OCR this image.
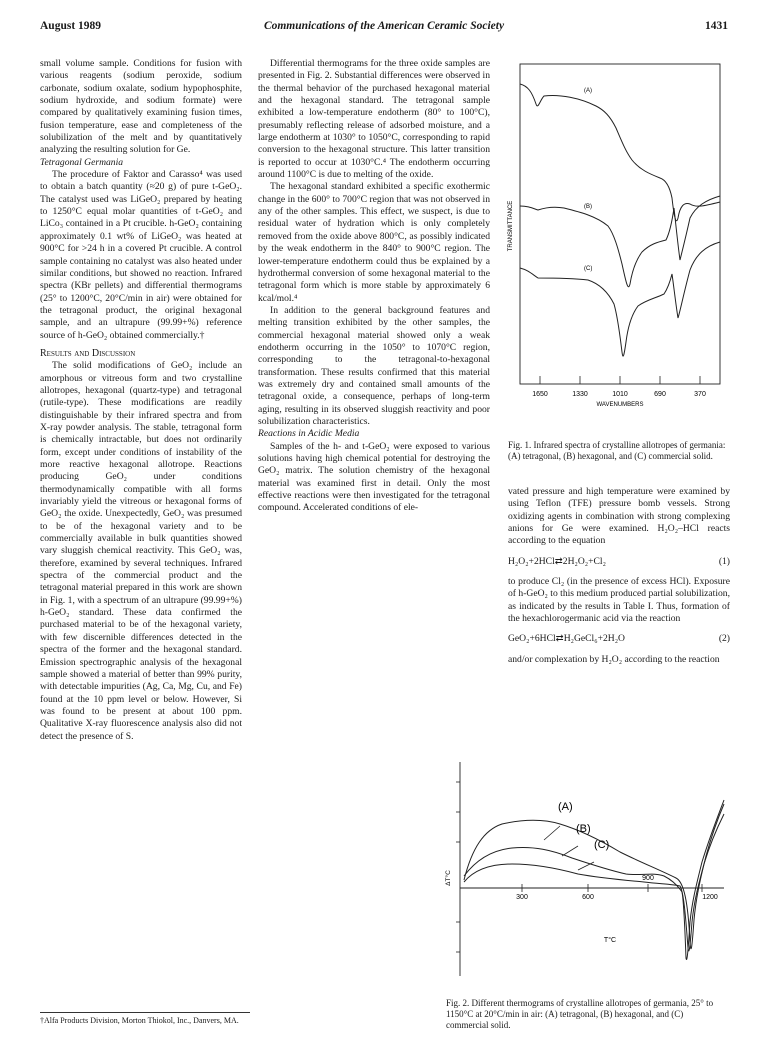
August 1989	Communications of the American Ceramic Society	1431

small volume sample. Conditions for fusion with various reagents (sodium peroxide, sodium carbonate, sodium oxalate, sodium hypophosphite, sodium hydroxide, and sodium formate) were compared by qualitatively examining fusion times, fusion temperature, ease and completeness of the solubilization of the melt and by quantitatively analyzing the resulting solution for Ge.

Tetragonal Germania

The procedure of Faktor and Carasso⁴ was used to obtain a batch quantity (≈20 g) of pure t-GeO₂. The catalyst used was LiGeO₂ prepared by heating to 1250°C equal molar quantities of t-GeO₂ and LiCo₃ contained in a Pt crucible. h-GeO₂ containing approximately 0.1 wt% of LiGeO₂ was heated at 900°C for >24 h in a covered Pt crucible. A control sample containing no catalyst was also heated under similar conditions, but showed no reaction. Infrared spectra (KBr pellets) and differential thermograms (25° to 1200°C, 20°C/min in air) were obtained for the tetragonal product, the original hexagonal sample, and an ultrapure (99.99+%) reference source of h-GeO₂ obtained commercially.†

Results and Discussion

The solid modifications of GeO₂ include an amorphous or vitreous form and two crystalline allotropes, hexagonal (quartz-type) and tetragonal (rutile-type). These modifications are readily distinguishable by their infrared spectra and from X-ray powder analysis. The stable, tetragonal form is chemically intractable, but does not ordinarily form, except under conditions of instability of the more reactive hexagonal allotrope. Reactions producing GeO₂ under conditions thermodynamically compatible with all forms invariably yield the vitreous or hexagonal forms of GeO₂ the oxide. Unexpectedly, GeO₂ was presumed to be of the hexagonal variety and to be commercially available in bulk quantities showed vary sluggish chemical reactivity. This GeO₂ was, therefore, examined by several techniques. Infrared spectra of the commercial product and the tetragonal material prepared in this work are shown in Fig. 1, with a spectrum of an ultrapure (99.99+%) h-GeO₂ standard. These data confirmed the purchased material to be of the hexagonal variety, with few discernible differences detected in the spectra of the former and the hexagonal standard. Emission spectrographic analysis of the hexagonal sample showed a material of better than 99% purity, with detectable impurities (Ag, Ca, Mg, Cu, and Fe) found at the 10 ppm level or below. However, Si was found to be present at about 100 ppm. Qualitative X-ray fluorescence analysis also did not detect the presence of S.

Differential thermograms for the three oxide samples are presented in Fig. 2. Substantial differences were observed in the thermal behavior of the purchased hexagonal material and the hexagonal standard. The tetragonal sample exhibited a low-temperature endotherm (80° to 100°C), presumably reflecting release of adsorbed moisture, and a large endotherm at 1030° to 1050°C, corresponding to rapid conversion to the hexagonal structure. This latter transition is reported to occur at 1030°C.⁴ The endotherm occurring around 1100°C is due to melting of the oxide.

The hexagonal standard exhibited a specific exothermic change in the 600° to 700°C region that was not observed in any of the other samples. This effect, we suspect, is due to residual water of hydration which is only completely removed from the oxide above 800°C, as possibly indicated by the weak endotherm in the 840° to 900°C region. The lower-temperature endotherm could thus be explained by a hydrothermal conversion of some hexagonal material to the tetragonal form which is more stable by approximately 6 kcal/mol.⁴

In addition to the general background features and melting transition exhibited by the other samples, the commercial hexagonal material showed only a weak endotherm occurring in the 1050° to 1070°C region, corresponding to the tetragonal-to-hexagonal transformation. These results confirmed that this material was extremely dry and contained small amounts of the tetragonal oxide, a consequence, perhaps of long-term aging, resulting in its observed sluggish reactivity and poor solubilization characteristics.

Reactions in Acidic Media

Samples of the h- and t-GeO₂ were exposed to various solutions having high chemical potential for destroying the GeO₂ matrix. The solution chemistry of the hexagonal material was examined first in detail. Only the most effective reactions were then investigated for the tetragonal compound. Accelerated conditions of ele-

vated pressure and high temperature were examined by using Teflon (TFE) pressure bomb vessels. Strong oxidizing agents in combination with strong complexing anions for Ge were examined. H₂O₂–HCl reacts according to the equation

H₂O₂+2HCl⇄2H₂O₂+Cl₂	(1)

to produce Cl₂ (in the presence of excess HCl). Exposure of h-GeO₂ to this medium produced partial solubilization, as indicated by the results in Table I. Thus, formation of the hexachlorogermanic acid via the reaction

GeO₂+6HCl⇄H₂GeCl₆+2H₂O	(2)

and/or complexation by H₂O₂ according to the reaction

1650	1330	1010	690	370
WAVENUMBERS
TRANSMITTANCE
(A)
(B)
(C)
Fig. 1. Infrared spectra of crystalline allotropes of germania: (A) tetragonal, (B) hexagonal, and (C) commercial solid.
300	600
900
1200
T°C
ΔT°C
(A)
(B)
(C)
Fig. 2. Different thermograms of crystalline allotropes of germania, 25° to 1150°C at 20°C/min in air: (A) tetragonal, (B) hexagonal, and (C) commercial solid.
†Alfa Products Division, Morton Thiokol, Inc., Danvers, MA.
